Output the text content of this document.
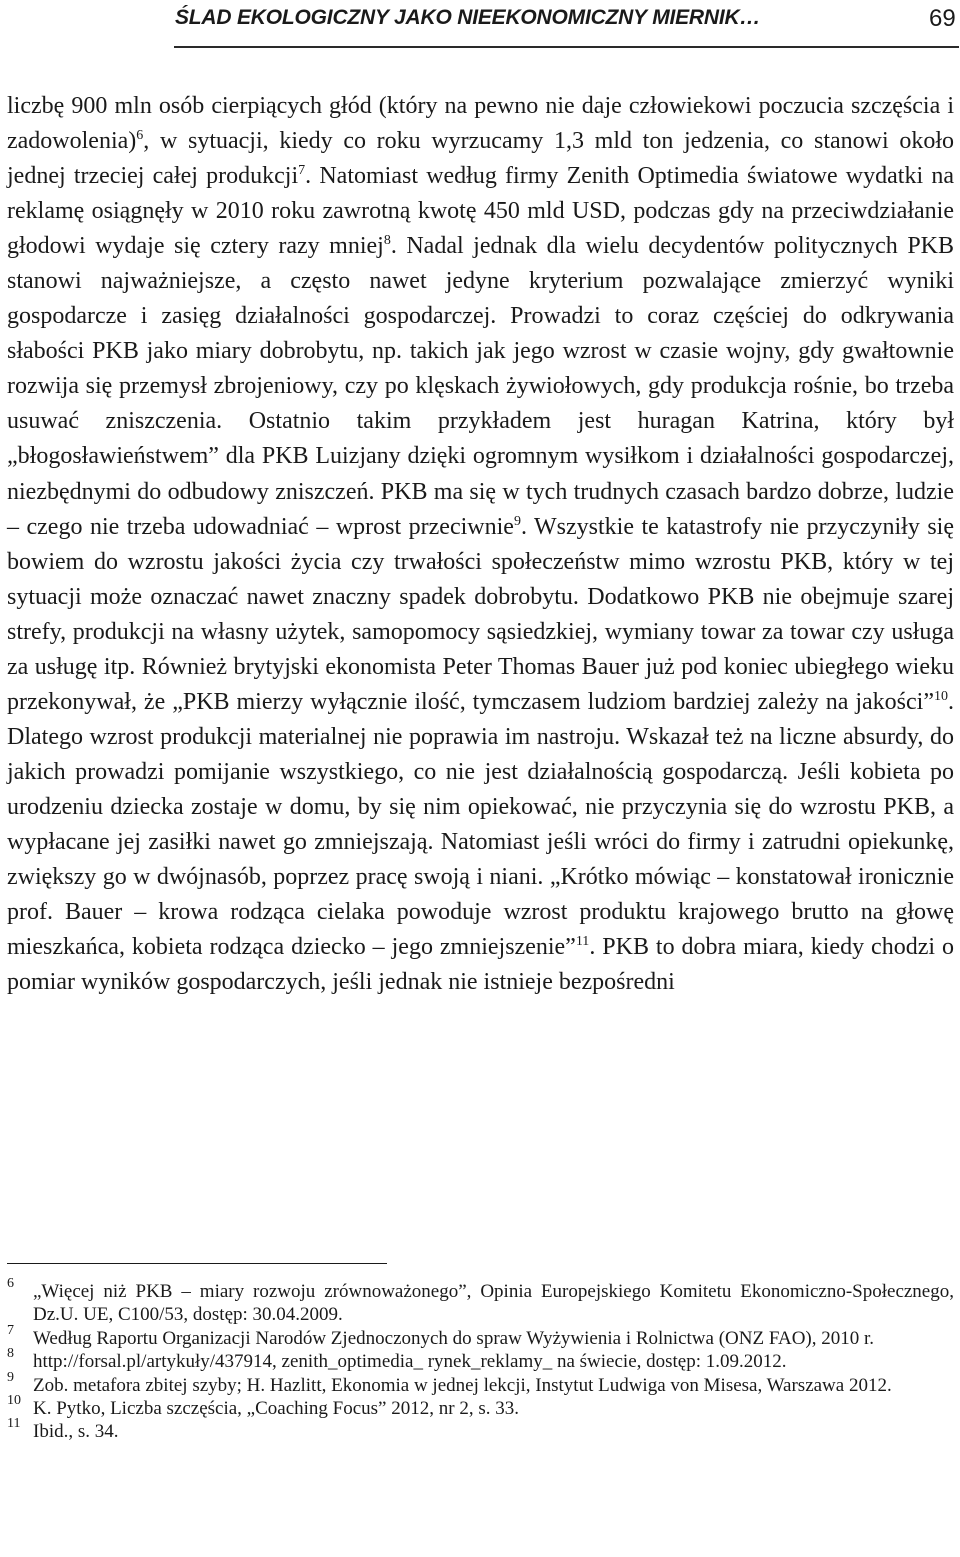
ŚLAD EKOLOGICZNY JAKO NIEEKONOMICZNY MIERNIK…	69

liczbę 900 mln osób cierpiących głód (który na pewno nie daje człowiekowi poczucia szczęścia i zadowolenia)$^6$, w sytuacji, kiedy co roku wyrzucamy 1,3 mld ton jedzenia, co stanowi około jednej trzeciej całej produkcji$^7$. Natomiast według firmy Zenith Optimedia światowe wydatki na reklamę osiągnęły w 2010 roku zawrotną kwotę 450 mld USD, podczas gdy na przeciwdziałanie głodowi wydaje się cztery razy mniej$^8$. Nadal jednak dla wielu decydentów politycznych PKB stanowi najważniejsze, a często nawet jedyne kryterium pozwalające zmierzyć wyniki gospodarcze i zasięg działalności gospodarczej. Prowadzi to coraz częściej do odkrywania słabości PKB jako miary dobrobytu, np. takich jak jego wzrost w czasie wojny, gdy gwałtownie rozwija się przemysł zbrojeniowy, czy po klęskach żywiołowych, gdy produkcja rośnie, bo trzeba usuwać zniszczenia. Ostatnio takim przykładem jest huragan Katrina, który był „błogosławieństwem” dla PKB Luizjany dzięki ogromnym wysiłkom i działalności gospodarczej, niezbędnymi do odbudowy zniszczeń. PKB ma się w tych trudnych czasach bardzo dobrze, ludzie – czego nie trzeba udowadniać – wprost przeciwnie$^9$. Wszystkie te katastrofy nie przyczyniły się bowiem do wzrostu jakości życia czy trwałości społeczeństw mimo wzrostu PKB, który w tej sytuacji może oznaczać nawet znaczny spadek dobrobytu. Dodatkowo PKB nie obejmuje szarej strefy, produkcji na własny użytek, samopomocy sąsiedzkiej, wymiany towar za towar czy usługa za usługę itp. Również brytyjski ekonomista Peter Thomas Bauer już pod koniec ubiegłego wieku przekonywał, że „PKB mierzy wyłącznie ilość, tymczasem ludziom bardziej zależy na jakości”$^{10}$. Dlatego wzrost produkcji materialnej nie poprawia im nastroju. Wskazał też na liczne absurdy, do jakich prowadzi pomijanie wszystkiego, co nie jest działalnością gospodarczą. Jeśli kobieta po urodzeniu dziecka zostaje w domu, by się nim opiekować, nie przyczynia się do wzrostu PKB, a wypłacane jej zasiłki nawet go zmniejszają. Natomiast jeśli wróci do firmy i zatrudni opiekunkę, zwiększy go w dwójnasób, poprzez pracę swoją i niani. „Krótko mówiąc – konstatował ironicznie prof. Bauer – krowa rodząca cielaka powoduje wzrost produktu krajowego brutto na głowę mieszkańca, kobieta rodząca dziecko – jego zmniejszenie”$^{11}$. PKB to dobra miara, kiedy chodzi o pomiar wyników gospodarczych, jeśli jednak nie istnieje bezpośredni

6 „Więcej niż PKB – miary rozwoju zrównoważonego”, Opinia Europejskiego Komitetu Ekonomiczno-Społecznego, Dz.U. UE, C100/53, dostęp: 30.04.2009.
7 Według Raportu Organizacji Narodów Zjednoczonych do spraw Wyżywienia i Rolnictwa (ONZ FAO), 2010 r.
8 http://forsal.pl/artykuły/437914, zenith_optimedia_ rynek_reklamy_ na świecie, dostęp: 1.09.2012.
9 Zob. metafora zbitej szyby; H. Hazlitt, Ekonomia w jednej lekcji, Instytut Ludwiga von Misesa, Warszawa 2012.
10 K. Pytko, Liczba szczęścia, „Coaching Focus” 2012, nr 2, s. 33.
11 Ibid., s. 34.
